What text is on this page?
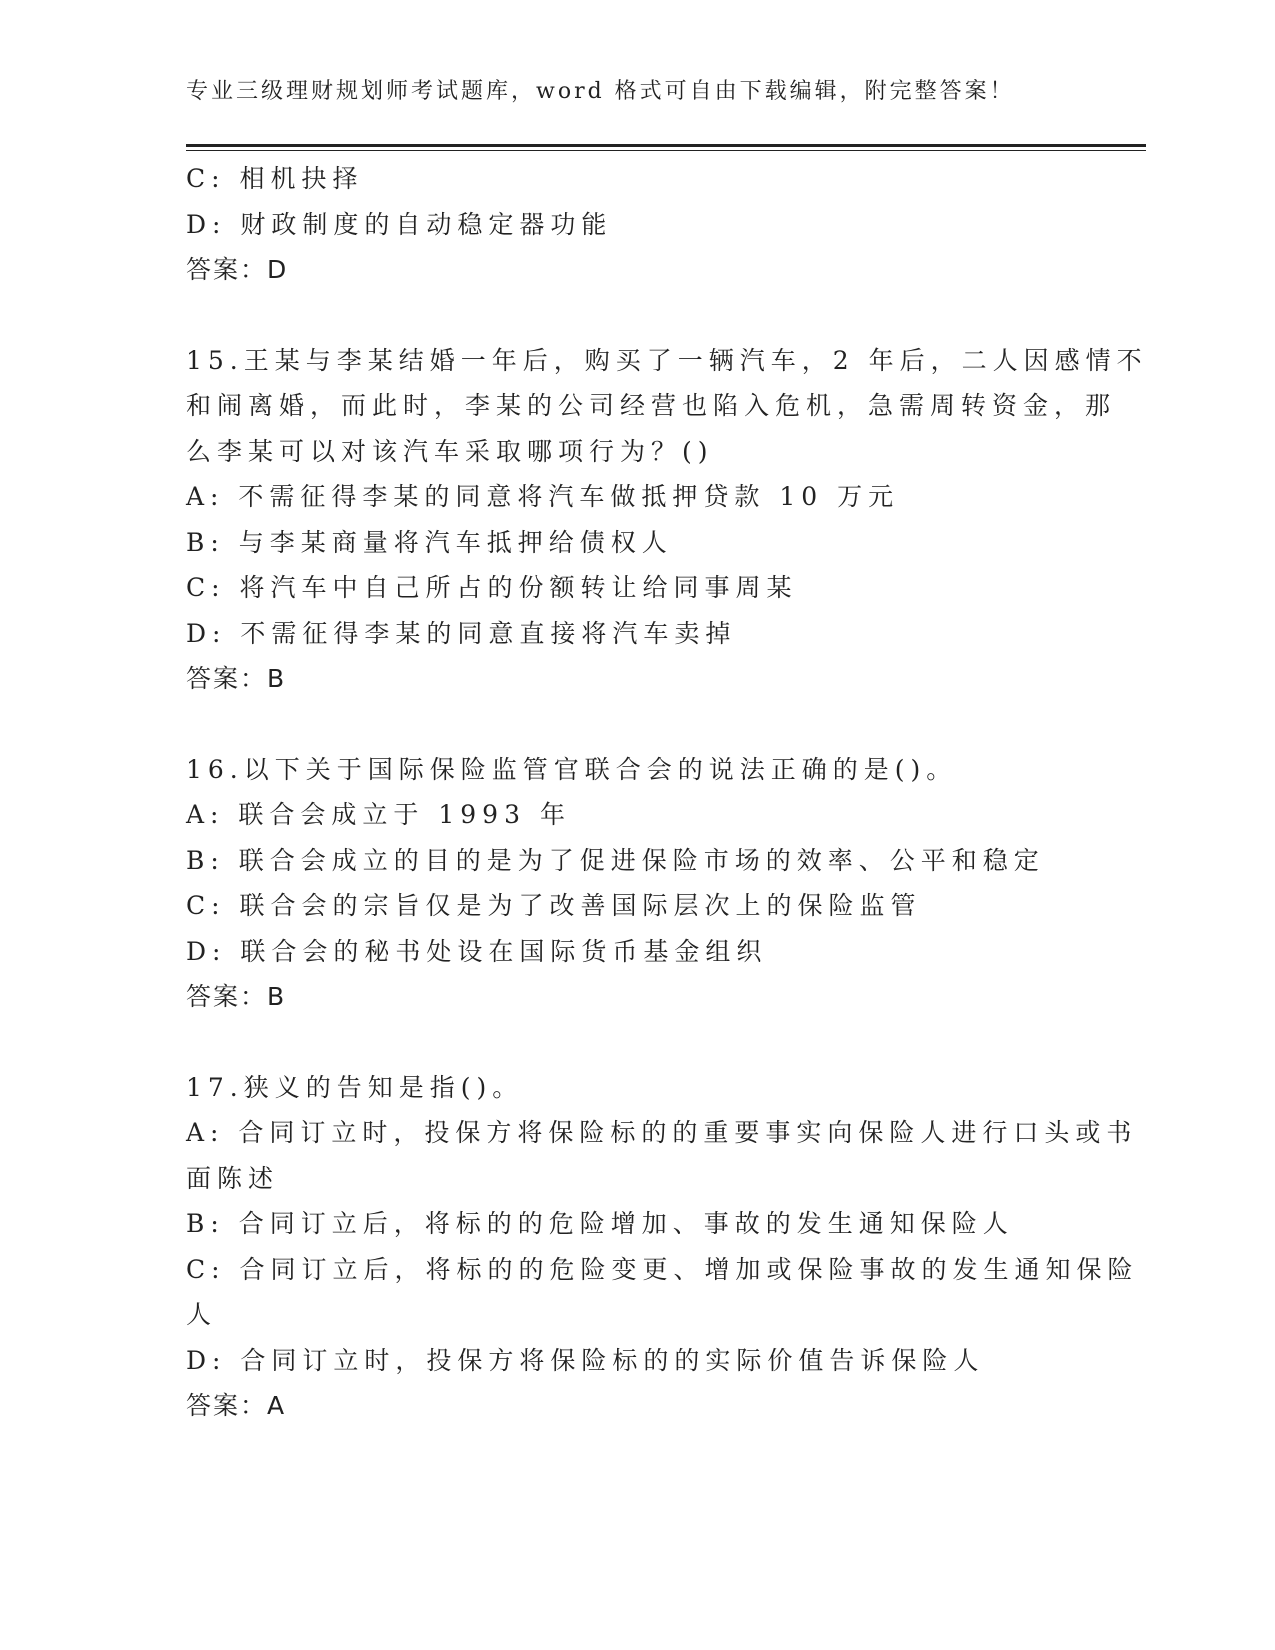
专业三级理财规划师考试题库，word 格式可自由下载编辑，附完整答案！
C: 相机抉择
D: 财政制度的自动稳定器功能
答案：D
15.王某与李某结婚一年后，购买了一辆汽车，2 年后，二人因感情不
和闹离婚，而此时，李某的公司经营也陷入危机，急需周转资金，那
么李某可以对该汽车采取哪项行为？()
A: 不需征得李某的同意将汽车做抵押贷款 10 万元
B: 与李某商量将汽车抵押给债权人
C: 将汽车中自己所占的份额转让给同事周某
D: 不需征得李某的同意直接将汽车卖掉
答案：B
16.以下关于国际保险监管官联合会的说法正确的是()。
A: 联合会成立于 1993 年
B: 联合会成立的目的是为了促进保险市场的效率、公平和稳定
C: 联合会的宗旨仅是为了改善国际层次上的保险监管
D: 联合会的秘书处设在国际货币基金组织
答案：B
17.狭义的告知是指()。
A: 合同订立时，投保方将保险标的的重要事实向保险人进行口头或书
面陈述
B: 合同订立后，将标的的危险增加、事故的发生通知保险人
C: 合同订立后，将标的的危险变更、增加或保险事故的发生通知保险
人
D: 合同订立时，投保方将保险标的的实际价值告诉保险人
答案：A
